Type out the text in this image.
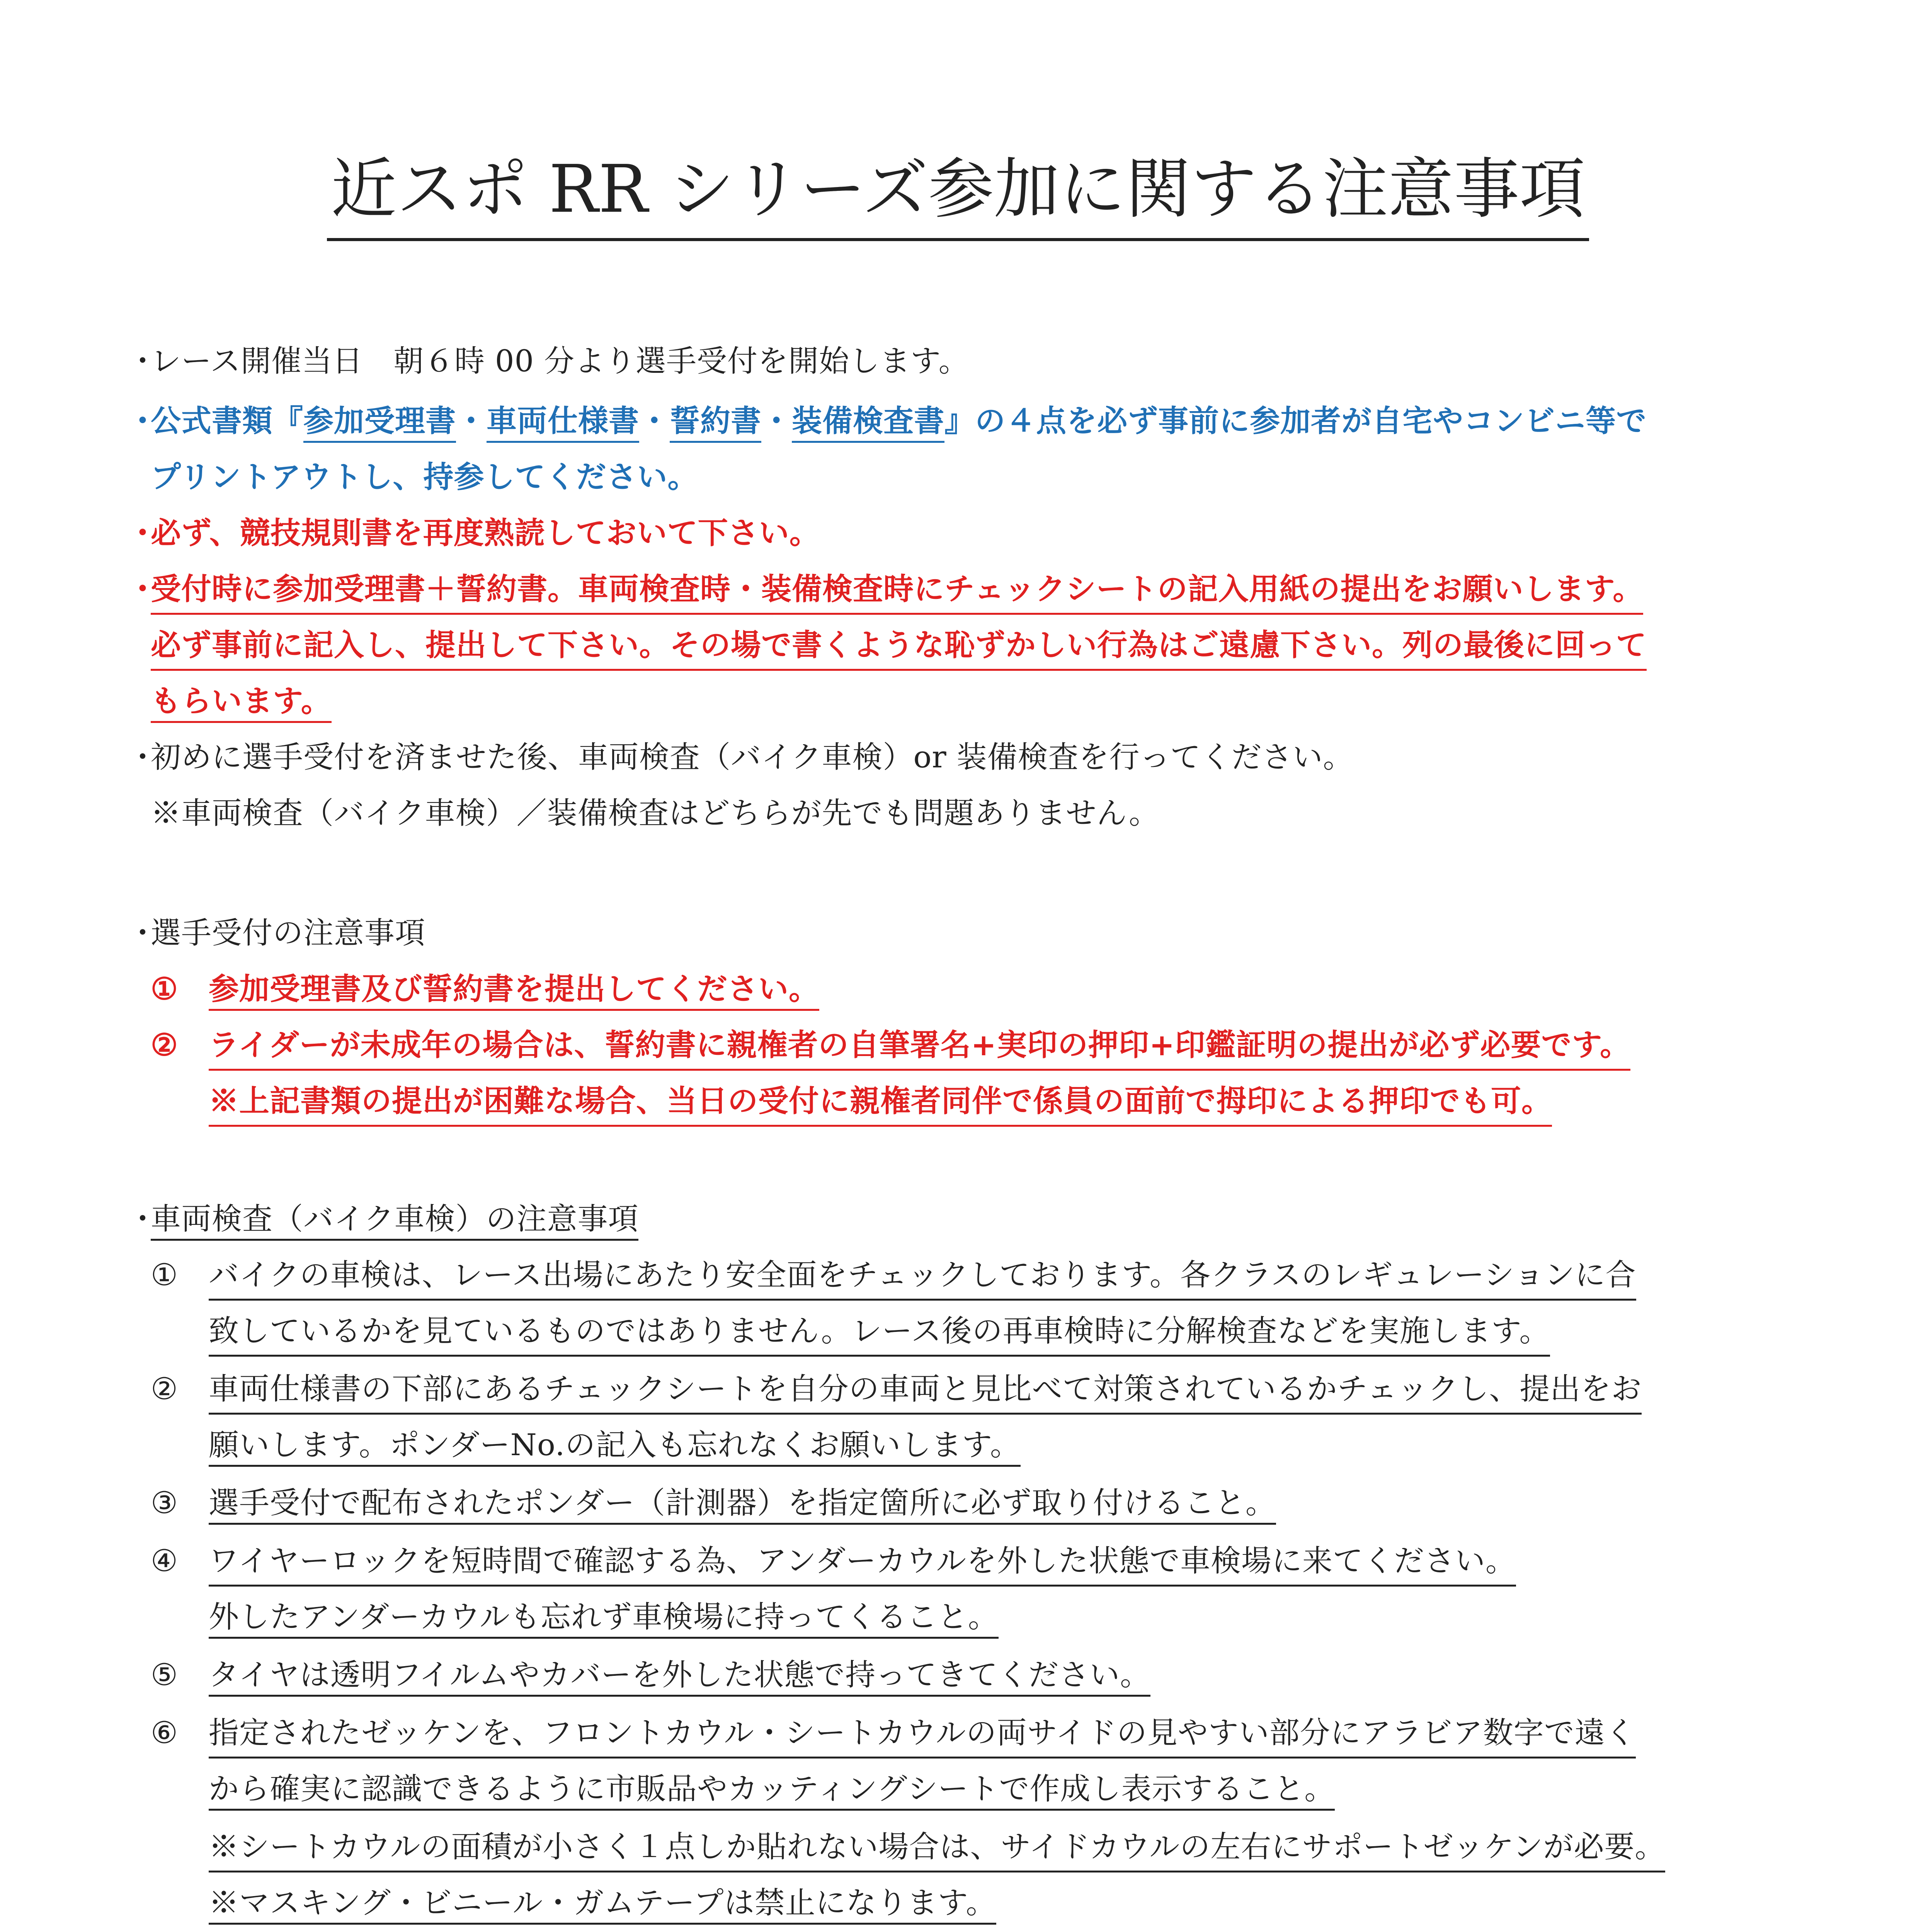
近スポ RR シリーズ参加に関する注意事項
・レース開催当日　朝６時 00 分より選手受付を開始します。
・公式書類『参加受理書・車両仕様書・誓約書・装備検査書』の４点を必ず事前に参加者が自宅やコンビニ等で
プリントアウトし、持参してください。
・必ず、競技規則書を再度熟読しておいて下さい。
・受付時に参加受理書＋誓約書。車両検査時・装備検査時にチェックシートの記入用紙の提出をお願いします。
必ず事前に記入し、提出して下さい。その場で書くような恥ずかしい行為はご遠慮下さい。列の最後に回って
もらいます。
・初めに選手受付を済ませた後、車両検査（バイク車検）or 装備検査を行ってください。
※車両検査（バイク車検）／装備検査はどちらが先でも問題ありません。
・選手受付の注意事項
① 参加受理書及び誓約書を提出してください。
② ライダーが未成年の場合は、誓約書に親権者の自筆署名+実印の押印+印鑑証明の提出が必ず必要です。
※上記書類の提出が困難な場合、当日の受付に親権者同伴で係員の面前で拇印による押印でも可。
・車両検査（バイク車検）の注意事項
① バイクの車検は、レース出場にあたり安全面をチェックしております。各クラスのレギュレーションに合
致しているかを見ているものではありません。レース後の再車検時に分解検査などを実施します。
② 車両仕様書の下部にあるチェックシートを自分の車両と見比べて対策されているかチェックし、提出をお
願いします。ポンダーNo.の記入も忘れなくお願いします。
③ 選手受付で配布されたポンダー（計測器）を指定箇所に必ず取り付けること。
④ ワイヤーロックを短時間で確認する為、アンダーカウルを外した状態で車検場に来てください。
外したアンダーカウルも忘れず車検場に持ってくること。
⑤ タイヤは透明フイルムやカバーを外した状態で持ってきてください。
⑥ 指定されたゼッケンを、フロントカウル・シートカウルの両サイドの見やすい部分にアラビア数字で遠く
から確実に認識できるように市販品やカッティングシートで作成し表示すること。
※シートカウルの面積が小さく１点しか貼れない場合は、サイドカウルの左右にサポートゼッケンが必要。
※マスキング・ビニール・ガムテープは禁止になります。
